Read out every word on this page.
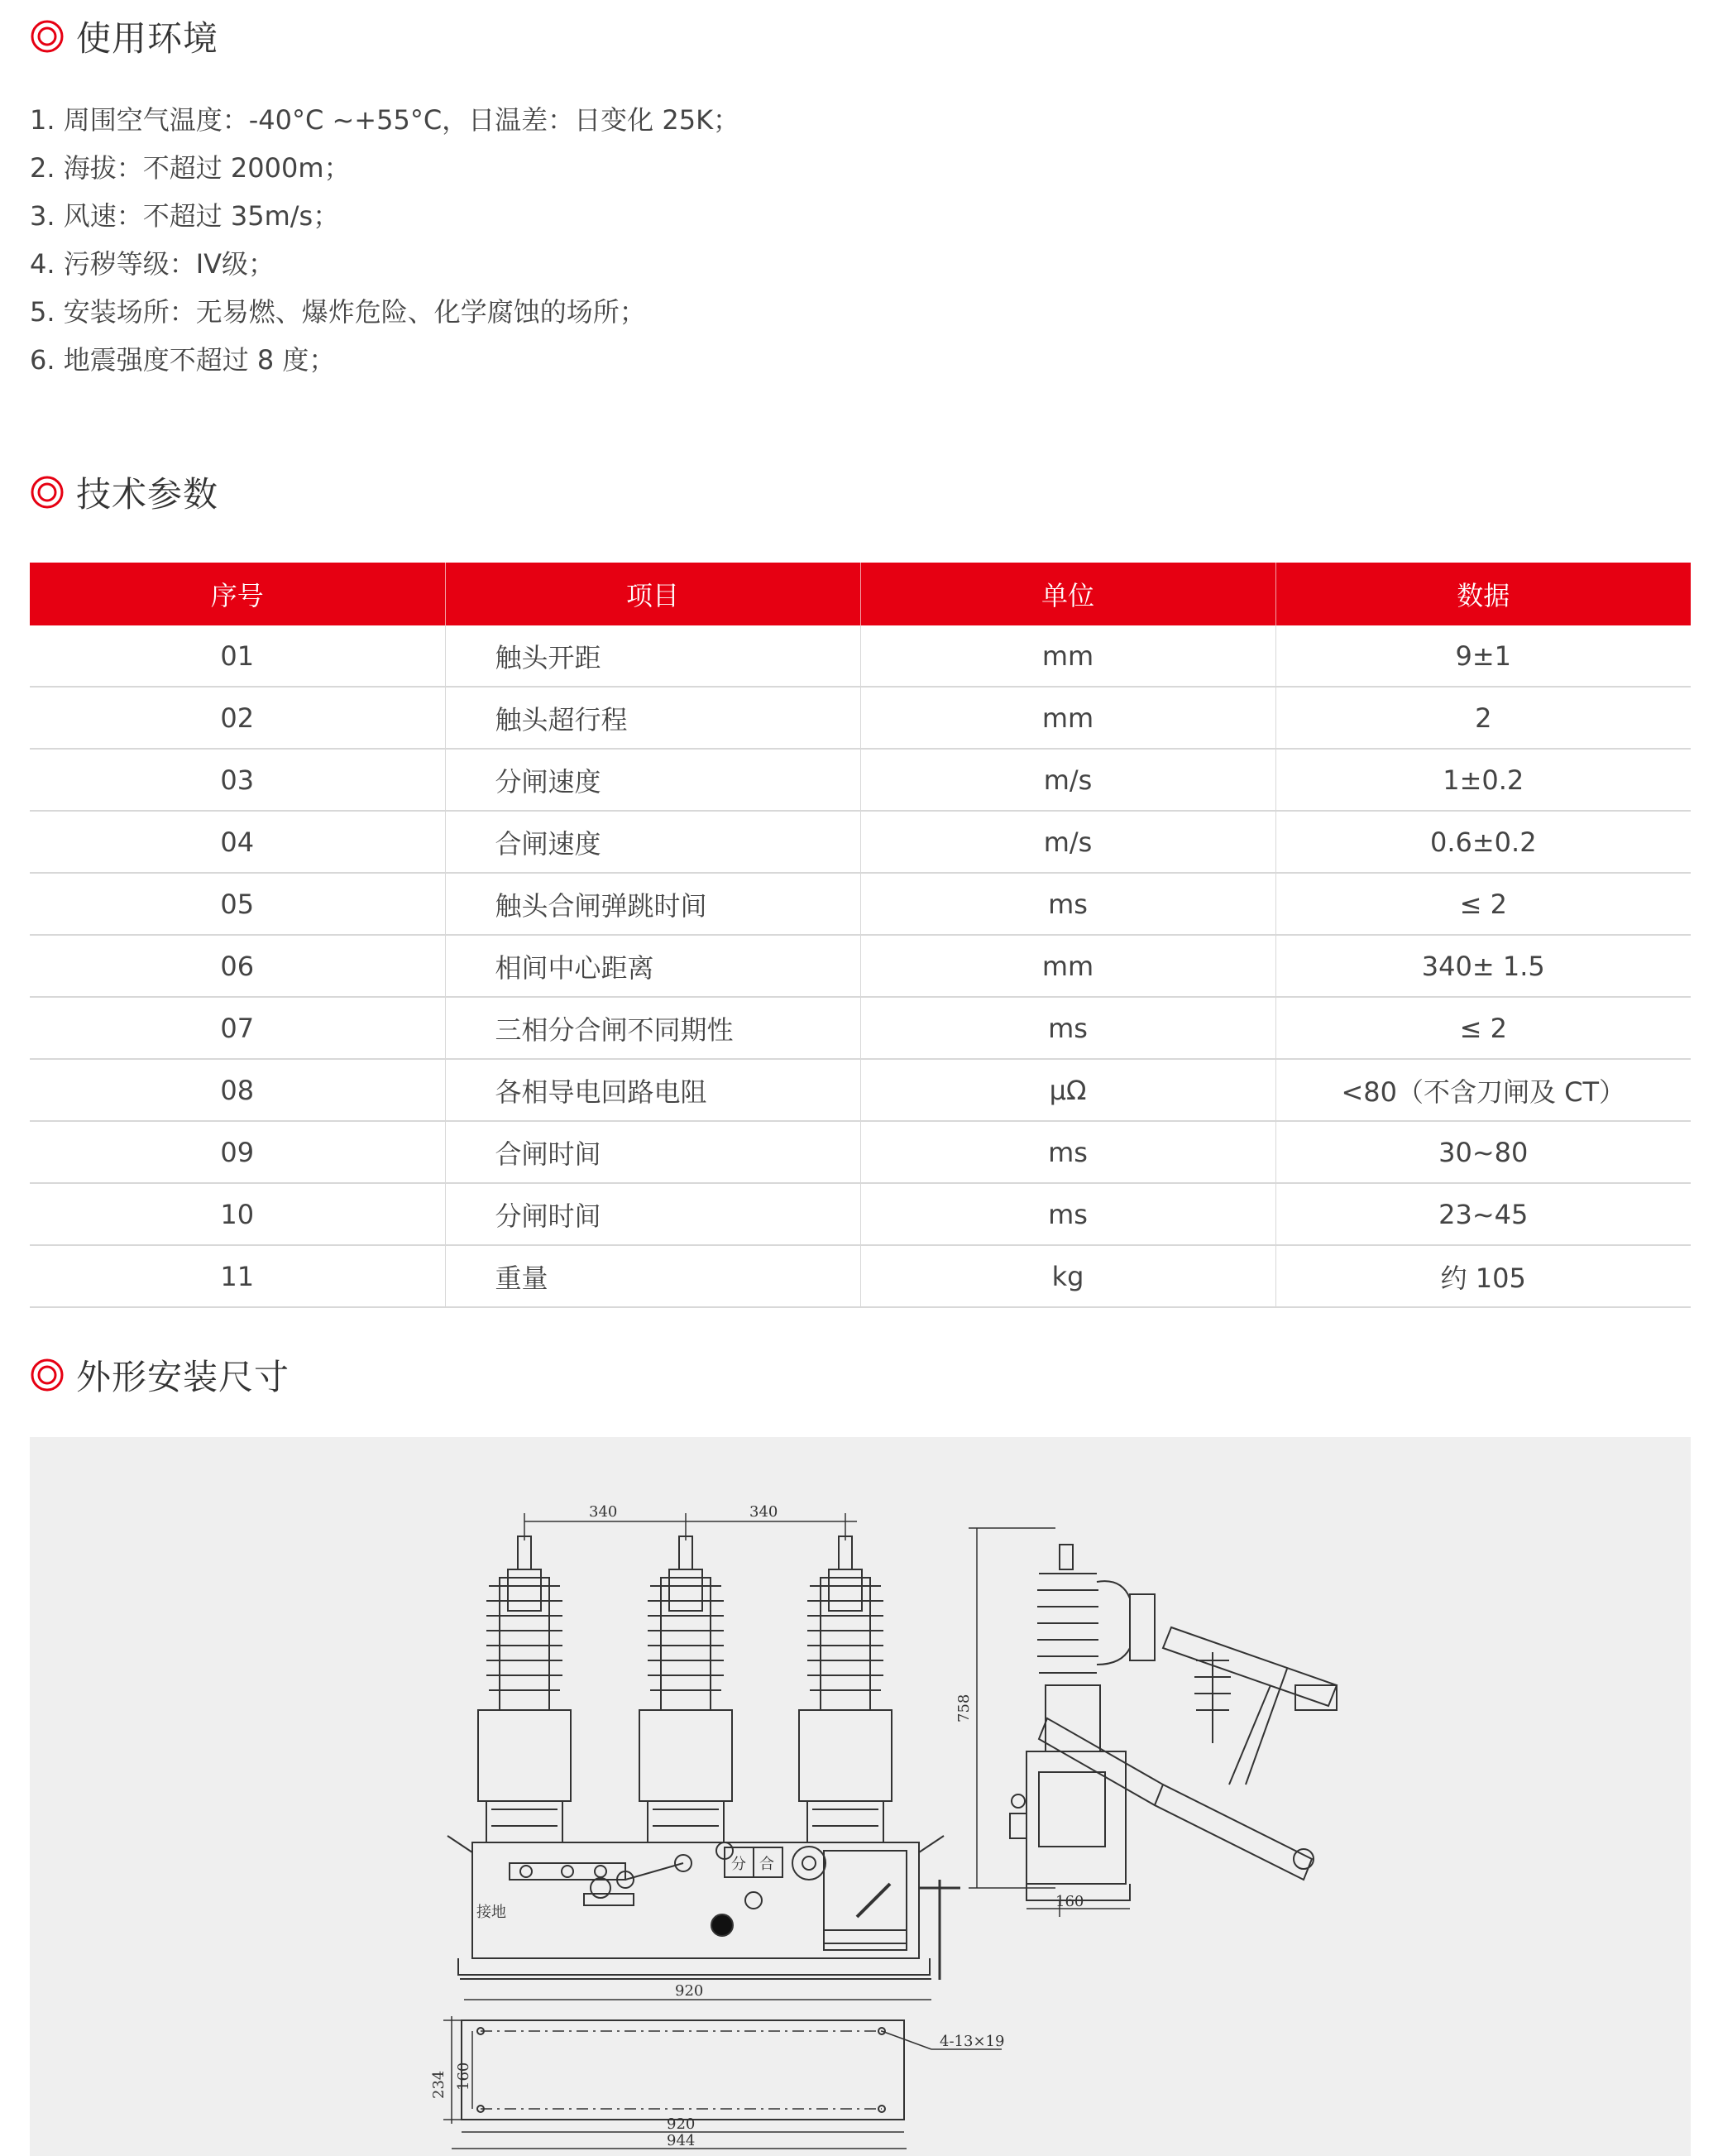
使用环境
1. 周围空气温度：-40°C ~+55°C，日温差：日变化 25K；
2. 海拔：不超过 2000m；
3. 风速：不超过 35m/s；
4. 污秽等级：IV级；
5. 安装场所：无易燃、爆炸危险、化学腐蚀的场所；
6. 地震强度不超过 8 度；
技术参数
序号	项目	单位	数据
01	触头开距	mm	9±1
02	触头超行程	mm	2
03	分闸速度	m/s	1±0.2
04	合闸速度	m/s	0.6±0.2
05	触头合闸弹跳时间	ms	≤ 2
06	相间中心距离	mm	340± 1.5
07	三相分合闸不同期性	ms	≤ 2
08	各相导电回路电阻	μΩ	<80（不含刀闸及 CT）
09	合闸时间	ms	30~80
10	分闸时间	ms	23~45
11	重量	kg	约 105
外形安装尺寸
340	340
920
分 合
接地
758
160
234 160
4-13×19
920
944
